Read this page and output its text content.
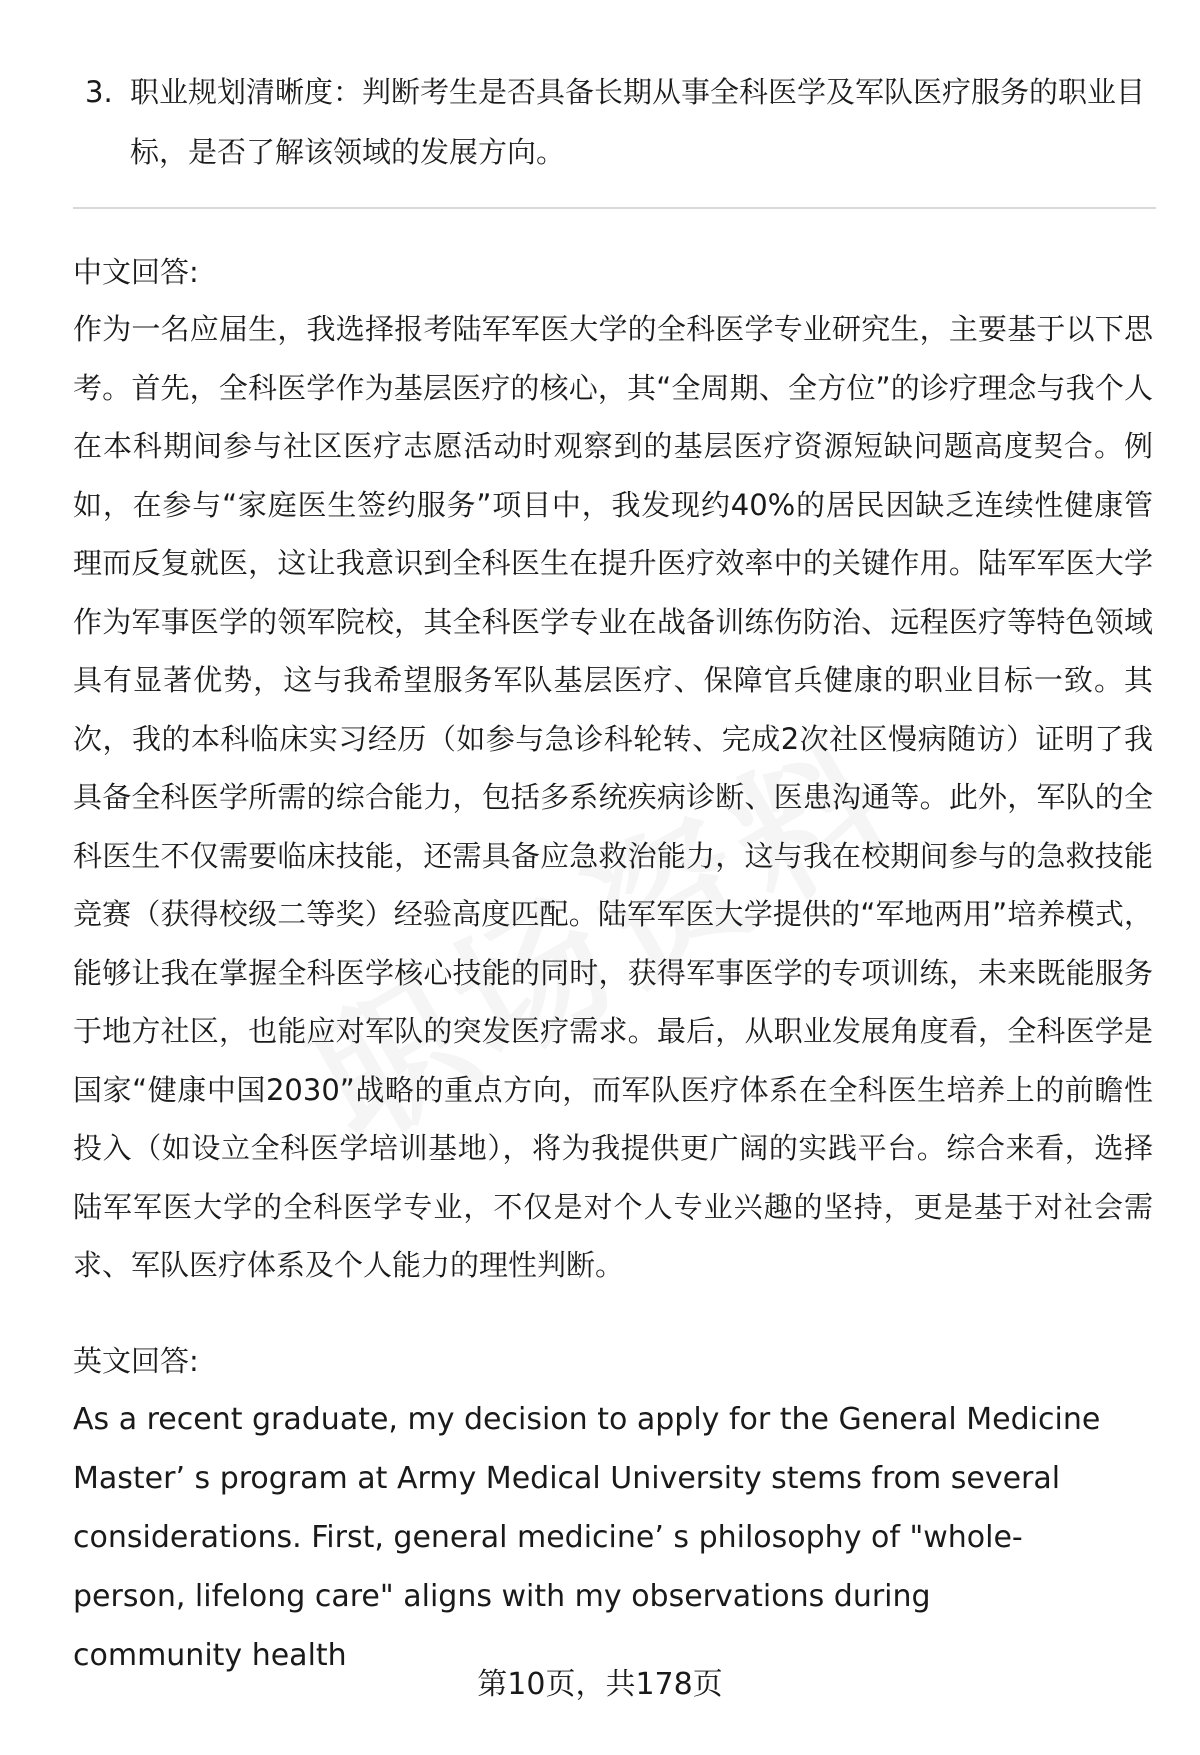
3. 职业规划清晰度：判断考生是否具备长期从事全科医学及军队医疗服务的职业目标，是否了解该领域的发展方向。
中文回答:
作为一名应届生，我选择报考陆军军医大学的全科医学专业研究生，主要基于以下思考。首先，全科医学作为基层医疗的核心，其“全周期、全方位”的诊疗理念与我个人在本科期间参与社区医疗志愿活动时观察到的基层医疗资源短缺问题高度契合。例如，在参与“家庭医生签约服务”项目中，我发现约40%的居民因缺乏连续性健康管理而反复就医，这让我意识到全科医生在提升医疗效率中的关键作用。陆军军医大学作为军事医学的领军院校，其全科医学专业在战备训练伤防治、远程医疗等特色领域具有显著优势，这与我希望服务军队基层医疗、保障官兵健康的职业目标一致。其次，我的本科临床实习经历（如参与急诊科轮转、完成2次社区慢病随访）证明了我具备全科医学所需的综合能力，包括多系统疾病诊断、医患沟通等。此外，军队的全科医生不仅需要临床技能，还需具备应急救治能力，这与我在校期间参与的急救技能竞赛（获得校级二等奖）经验高度匹配。陆军军医大学提供的“军地两用”培养模式，能够让我在掌握全科医学核心技能的同时，获得军事医学的专项训练，未来既能服务于地方社区，也能应对军队的突发医疗需求。最后，从职业发展角度看，全科医学是国家“健康中国2030”战略的重点方向，而军队医疗体系在全科医生培养上的前瞻性投入（如设立全科医学培训基地），将为我提供更广阔的实践平台。综合来看，选择陆军军医大学的全科医学专业，不仅是对个人专业兴趣的坚持，更是基于对社会需求、军队医疗体系及个人能力的理性判断。
英文回答:
As a recent graduate, my decision to apply for the General Medicine Master’ s program at Army Medical University stems from several considerations. First, general medicine’ s philosophy of "whole-person, lifelong care" aligns with my observations during community health
第10页，共178页
